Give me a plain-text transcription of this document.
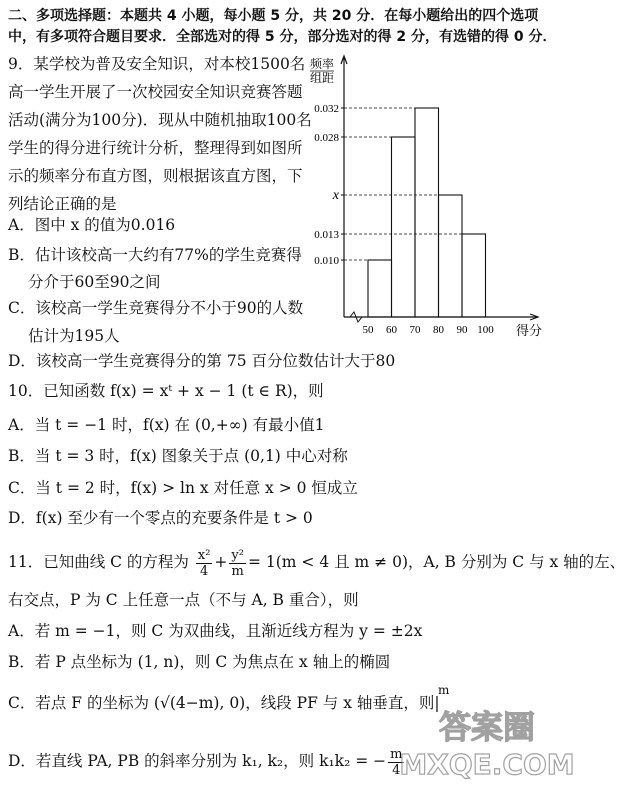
二、多项选择题：本题共 4 小题，每小题 5 分，共 20 分．在每小题给出的四个选项
中，有多项符合题目要求．全部选对的得 5 分，部分选对的得 2 分，有选错的得 0 分．
9．某学校为普及安全知识，对本校1500名
高一学生开展了一次校园安全知识竞赛答题
活动(满分为100分)．现从中随机抽取100名
学生的得分进行统计分析，整理得到如图所
示的频率分布直方图，则根据该直方图，下
列结论正确的是
A．图中 x 的值为0.016
B．估计该校高一大约有77%的学生竞赛得
分介于60至90之间
C．该校高一学生竞赛得分不小于90的人数
估计为195人
D．该校高一学生竞赛得分的第 75 百分位数估计大于80
频率
组距
0.032
0.028
x
0.013
0.010
50 60 70 80 90 100 得分
10．已知函数 f(x) = xᵗ + x − 1 (t ∈ R)，则
A．当 t = −1 时，f(x) 在 (0,+∞) 有最小值1
B．当 t = 3 时，f(x) 图象关于点 (0,1) 中心对称
C．当 t = 2 时，f(x) > ln x 对任意 x > 0 恒成立
D．f(x) 至少有一个零点的充要条件是 t > 0
11．已知曲线 C 的方程为 $\frac{\text{x²}}{4} + \frac{\text{y²}}{m} = 1(m < 4$ 且 m ≠ 0)，A, B 分别为 C 与 x 轴的左、
右交点，P 为 C 上任意一点（不与 A, B 重合），则
A．若 m = −1，则 C 为双曲线，且渐近线方程为 y = ±2x
B．若 P 点坐标为 (1, n)，则 C 为焦点在 x 轴上的椭圆
m
C．若点 F 的坐标为 (√(4−m), 0)，线段 PF 与 x 轴垂直，则|
D．若直线 PA, PB 的斜率分别为 k₁, k₂，则 k₁k₂ = − $\frac{m}{4}$
答案圈
MXQE.COM
